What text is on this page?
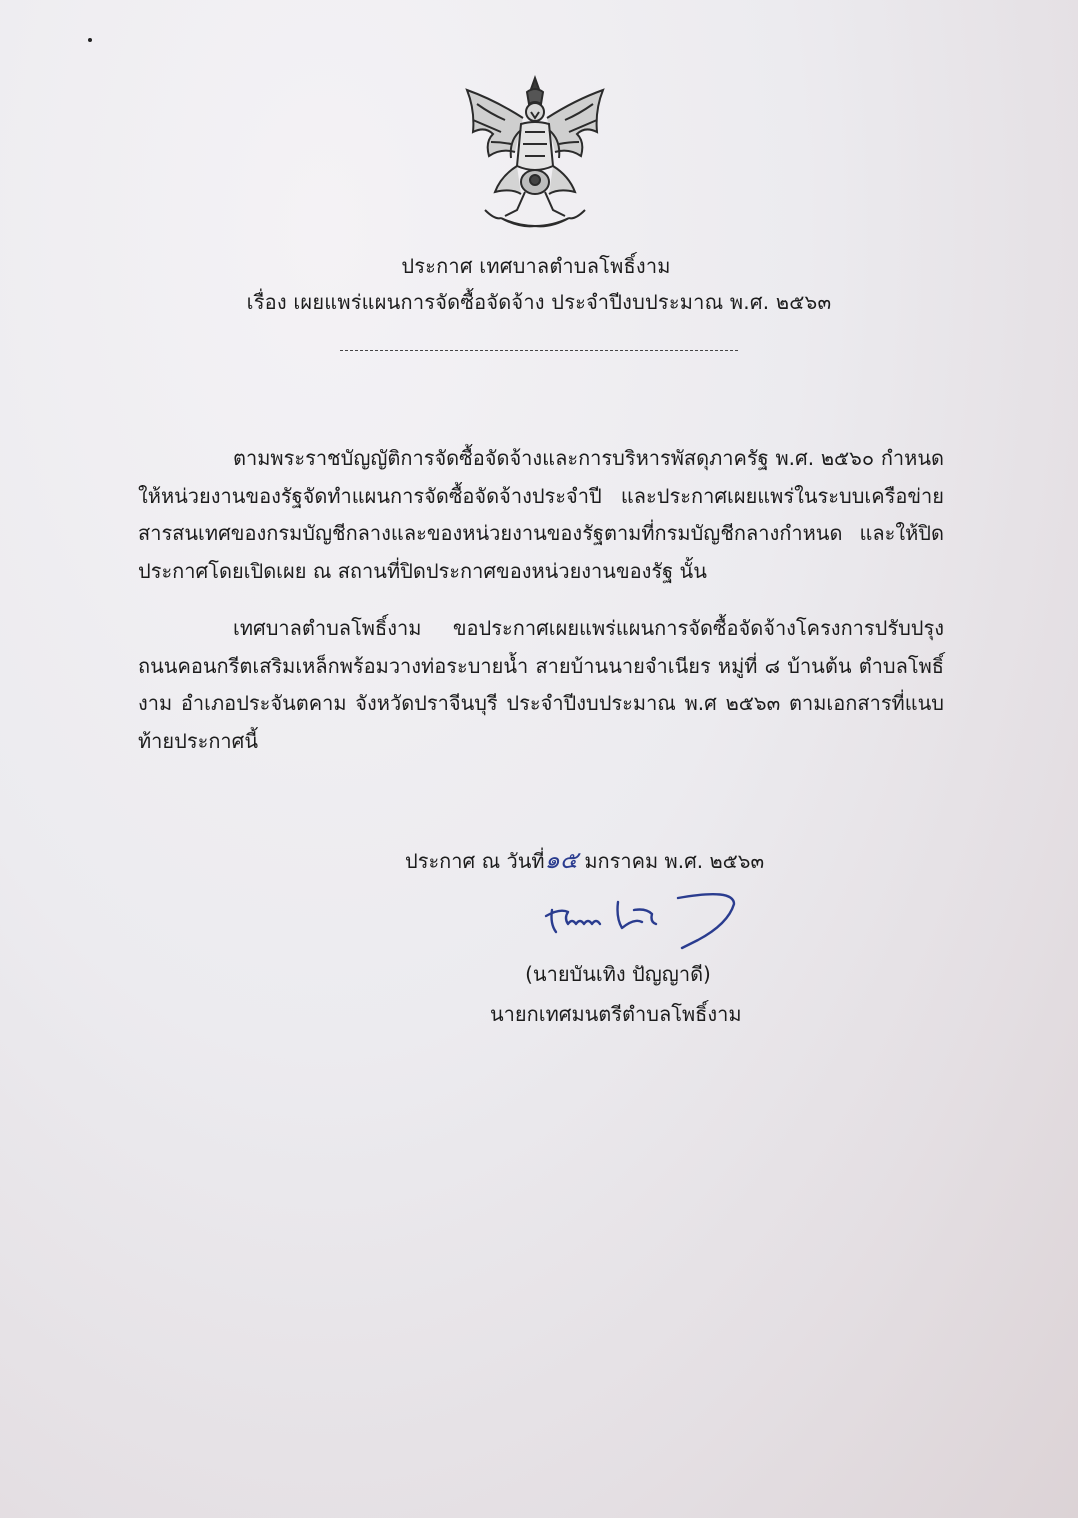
ประกาศ เทศบาลตำบลโพธิ์งาม
เรื่อง เผยแพร่แผนการจัดซื้อจัดจ้าง ประจำปีงบประมาณ พ.ศ. ๒๕๖๓
ตามพระราชบัญญัติการจัดซื้อจัดจ้างและการบริหารพัสดุภาครัฐ พ.ศ. ๒๕๖๐ กำหนดให้หน่วยงานของรัฐจัดทำแผนการจัดซื้อจัดจ้างประจำปี และประกาศเผยแพร่ในระบบเครือข่ายสารสนเทศของกรมบัญชีกลางและของหน่วยงานของรัฐตามที่กรมบัญชีกลางกำหนด และให้ปิดประกาศโดยเปิดเผย ณ สถานที่ปิดประกาศของหน่วยงานของรัฐ นั้น
เทศบาลตำบลโพธิ์งาม ขอประกาศเผยแพร่แผนการจัดซื้อจัดจ้างโครงการปรับปรุงถนนคอนกรีตเสริมเหล็กพร้อมวางท่อระบายน้ำ สายบ้านนายจำเนียร หมู่ที่ ๘ บ้านต้น ตำบลโพธิ์งาม อำเภอประจันตคาม จังหวัดปราจีนบุรี ประจำปีงบประมาณ พ.ศ ๒๕๖๓ ตามเอกสารที่แนบท้ายประกาศนี้
ประกาศ ณ วันที่๑๕ มกราคม พ.ศ. ๒๕๖๓
(นายบันเทิง ปัญญาดี)
นายกเทศมนตรีตำบลโพธิ์งาม
